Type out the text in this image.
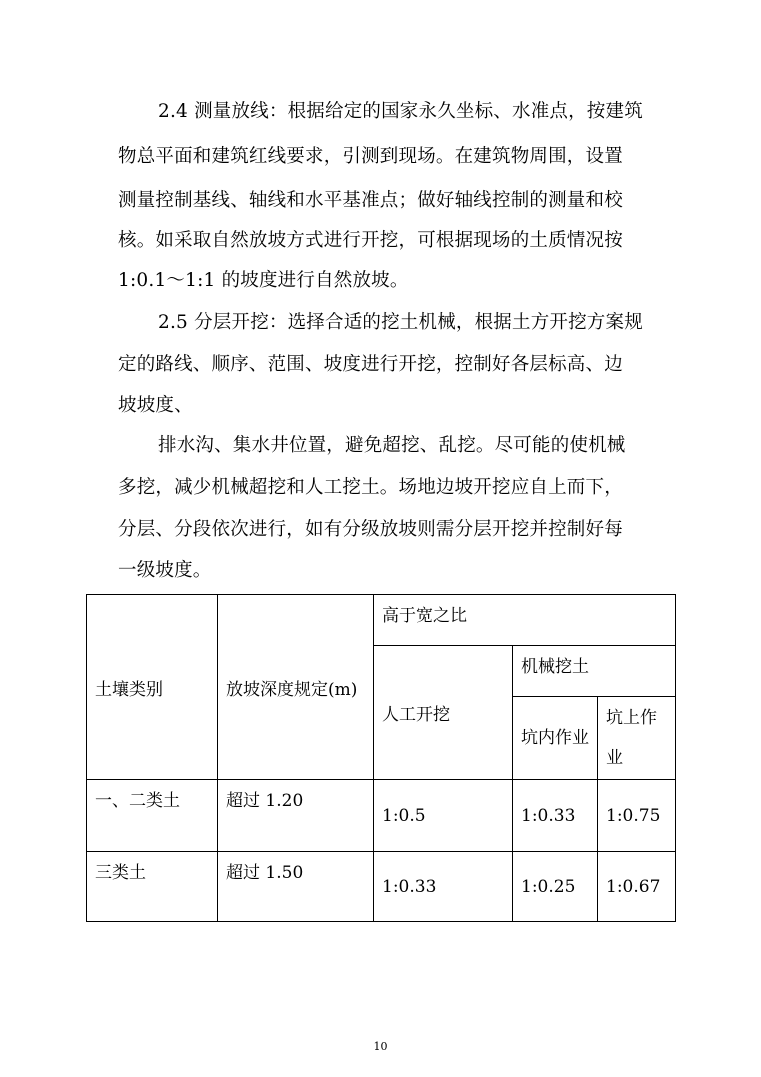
2.4 测量放线：根据给定的国家永久坐标、水准点，按建筑
物总平面和建筑红线要求，引测到现场。在建筑物周围，设置
测量控制基线、轴线和水平基准点；做好轴线控制的测量和校
核。如采取自然放坡方式进行开挖，可根据现场的土质情况按
1:0.1～1:1 的坡度进行自然放坡。
2.5 分层开挖：选择合适的挖土机械，根据土方开挖方案规
定的路线、顺序、范围、坡度进行开挖，控制好各层标高、边
坡坡度、
排水沟、集水井位置，避免超挖、乱挖。尽可能的使机械
多挖，减少机械超挖和人工挖土。场地边坡开挖应自上而下，
分层、分段依次进行，如有分级放坡则需分层开挖并控制好每
一级坡度。
土壤类别	放坡深度规定(m)	高于宽之比		
		人工开挖	机械挖土	
			坑内作业	坑上作业
一、二类土	超过 1.20	1:0.5	1:0.33	1:0.75
三类土	超过 1.50	1:0.33	1:0.25	1:0.67
10
